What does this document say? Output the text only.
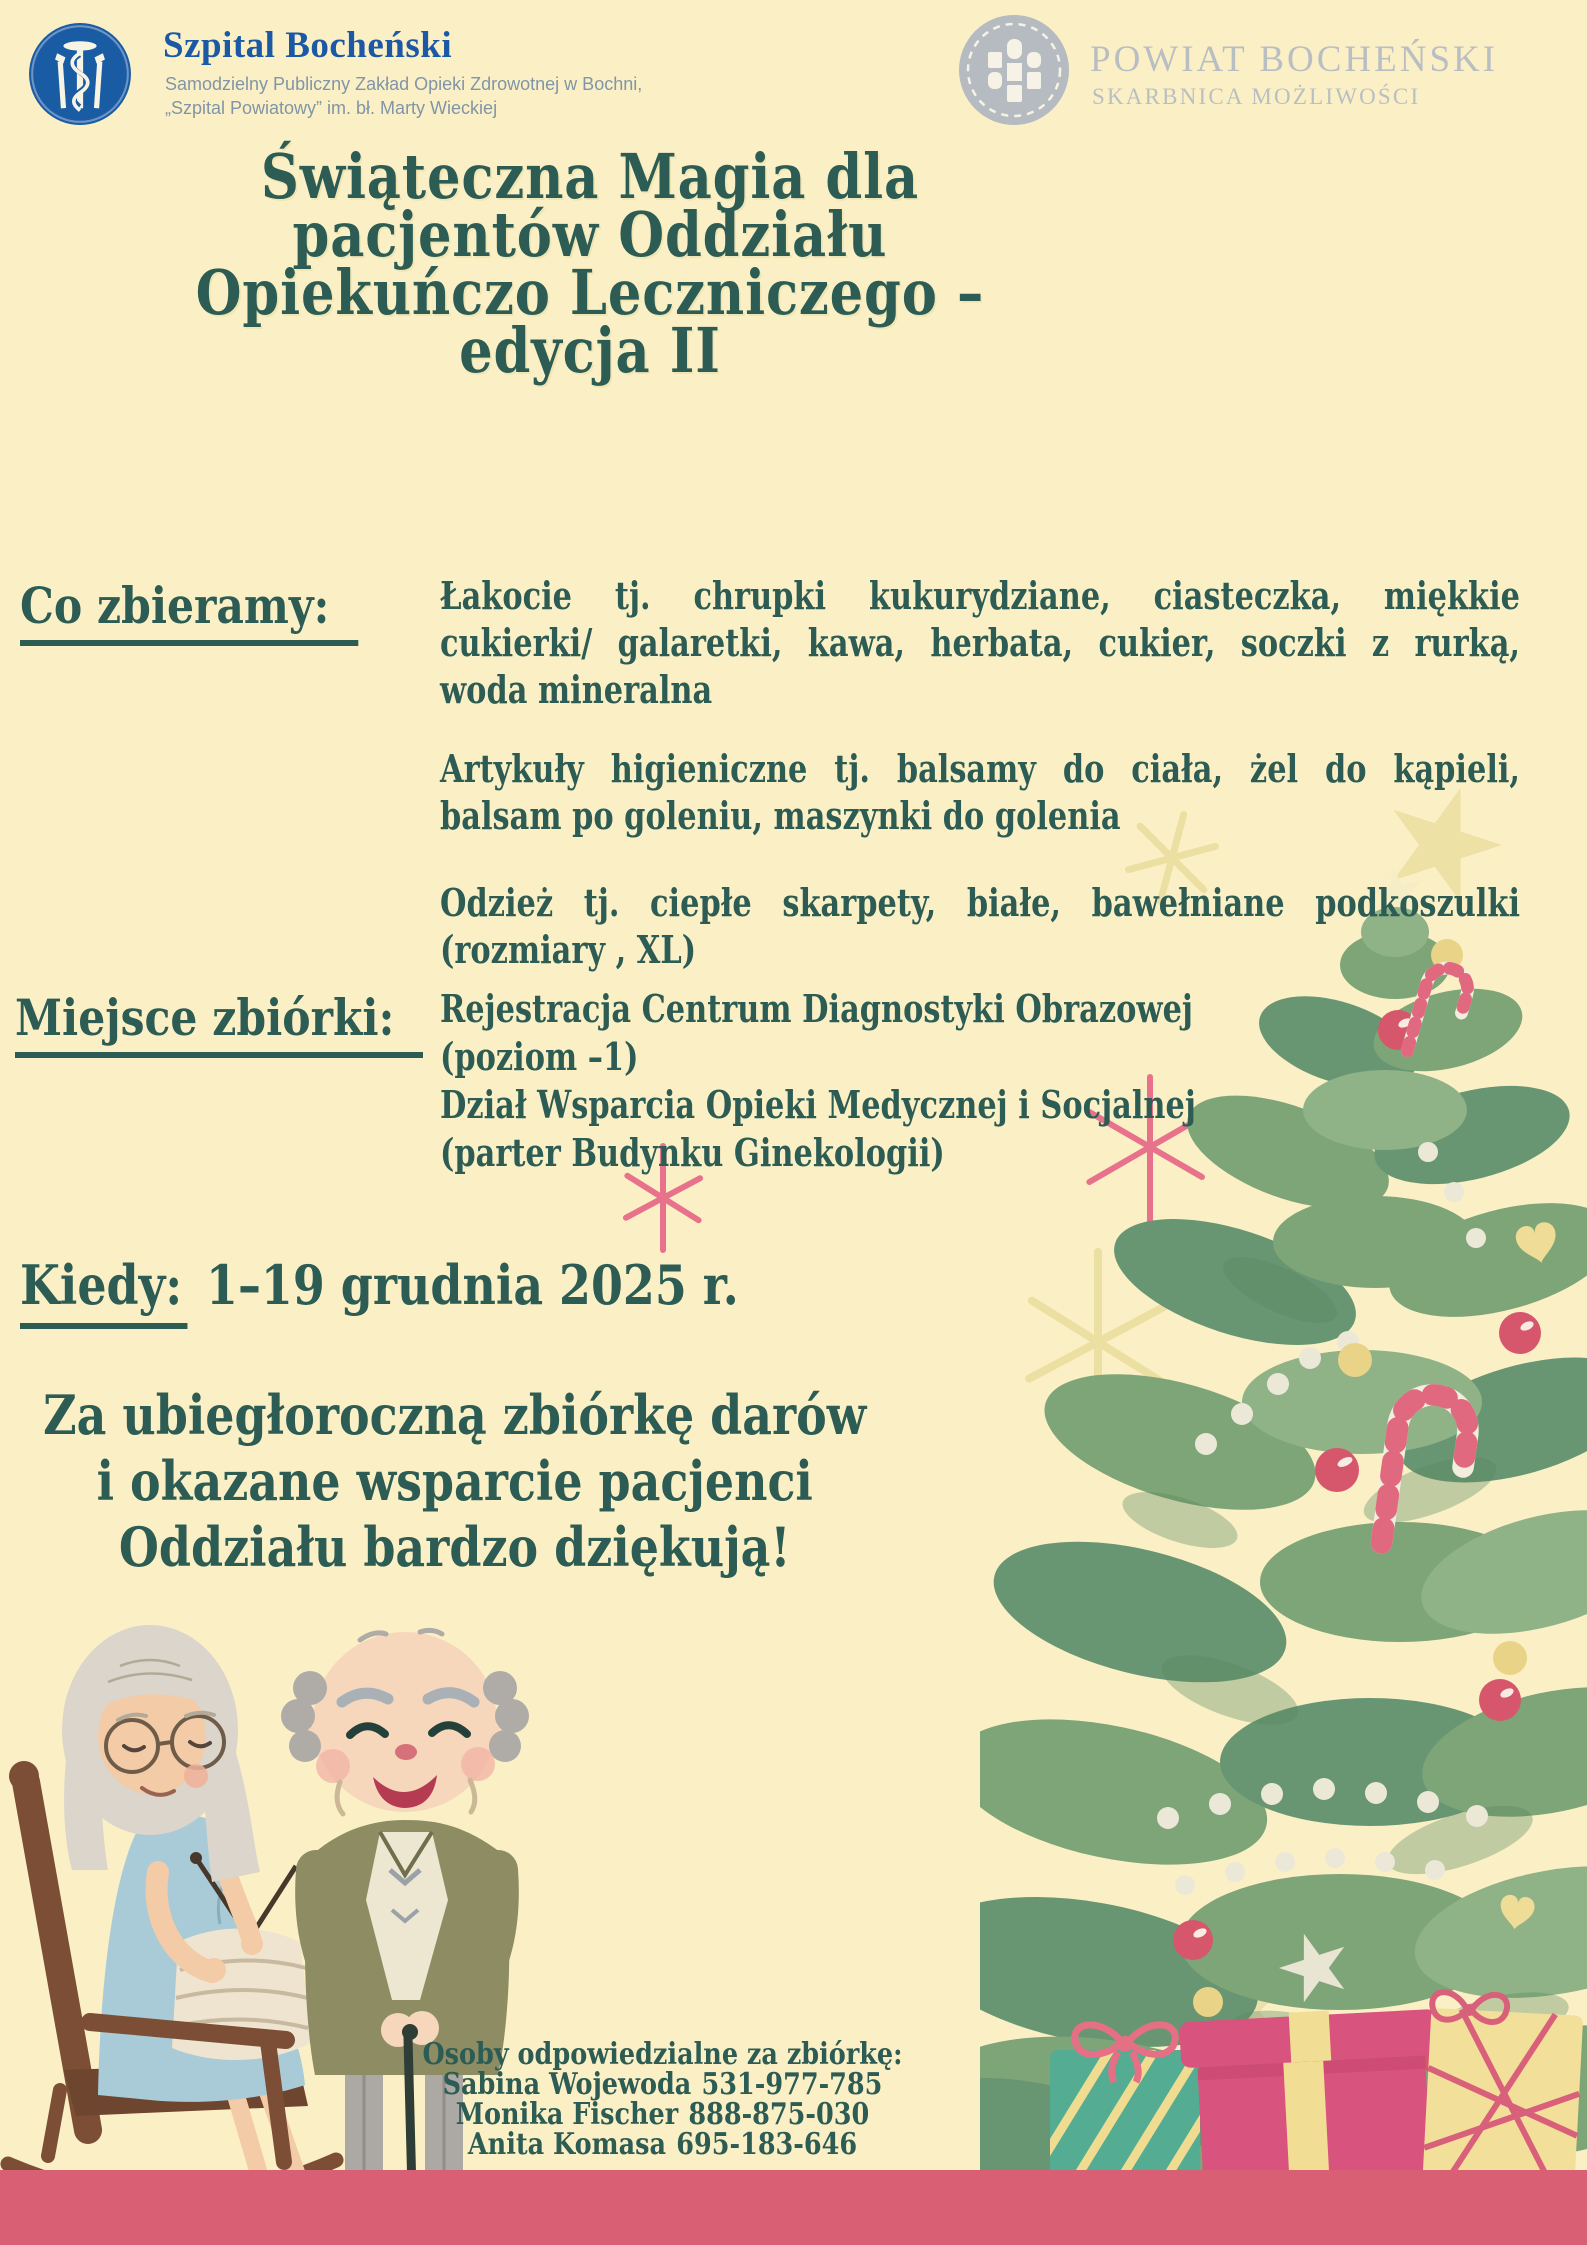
Szpital Bocheński
Samodzielny Publiczny Zakład Opieki Zdrowotnej w Bochni,
„Szpital Powiatowy” im. bł. Marty Wieckiej
POWIAT BOCHEŃSKI
SKARBNICA MOŻLIWOŚCI
Świąteczna Magia dla
pacjentów Oddziału
Opiekuńczo Leczniczego –
edycja II
Co zbieramy:	Łakocie tj. chrupki kukurydziane, ciasteczka, miękkie
cukierki/ galaretki, kawa, herbata, cukier, soczki z rurką,
woda mineralna
Artykuły higieniczne tj. balsamy do ciała, żel do kąpieli,
balsam po goleniu, maszynki do golenia
Odzież tj. ciepłe skarpety, białe, bawełniane podkoszulki
(rozmiary , XL)
Miejsce zbiórki:	Rejestracja Centrum Diagnostyki Obrazowej
(poziom –1)
Dział Wsparcia Opieki Medycznej i Socjalnej
(parter Budynku Ginekologii)
Kiedy: 1–19 grudnia 2025 r.
Za ubiegłoroczną zbiórkę darów
i okazane wsparcie pacjenci
Oddziału bardzo dziękują!
Osoby odpowiedzialne za zbiórkę:
Sabina Wojewoda 531-977-785
Monika Fischer 888-875-030
Anita Komasa 695-183-646
